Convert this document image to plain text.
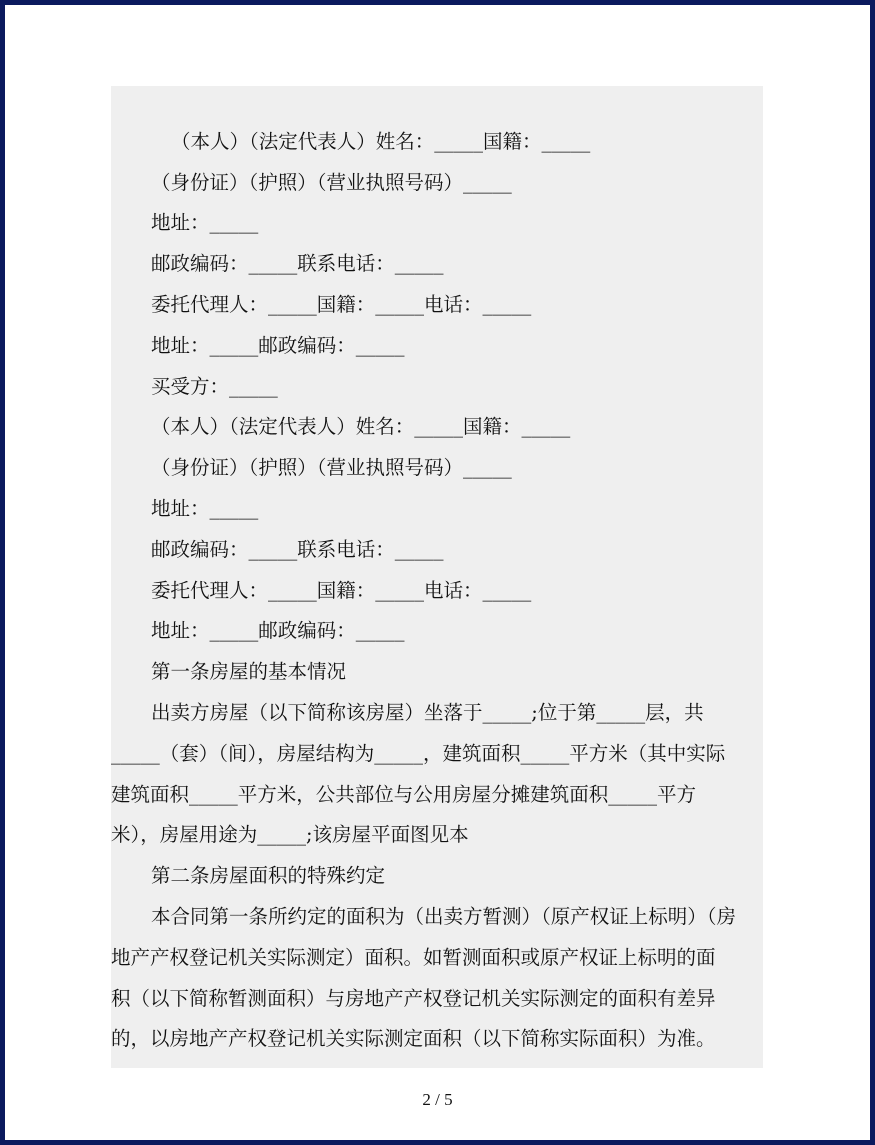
（本人）（法定代表人）姓名：_____国籍：_____
（身份证）（护照）（营业执照号码）_____
地址：_____
邮政编码：_____联系电话：_____
委托代理人：_____国籍：_____电话：_____
地址：_____邮政编码：_____
买受方：_____
（本人）（法定代表人）姓名：_____国籍：_____
（身份证）（护照）（营业执照号码）_____
地址：_____
邮政编码：_____联系电话：_____
委托代理人：_____国籍：_____电话：_____
地址：_____邮政编码：_____
第一条房屋的基本情况
出卖方房屋（以下简称该房屋）坐落于_____;位于第_____层，共
_____（套）（间），房屋结构为_____，建筑面积_____平方米（其中实际
建筑面积_____平方米，公共部位与公用房屋分摊建筑面积_____平方
米），房屋用途为_____;该房屋平面图见本
第二条房屋面积的特殊约定
本合同第一条所约定的面积为（出卖方暂测）（原产权证上标明）（房
地产产权登记机关实际测定）面积。如暂测面积或原产权证上标明的面
积（以下简称暂测面积）与房地产产权登记机关实际测定的面积有差异
的，以房地产产权登记机关实际测定面积（以下简称实际面积）为准。
2 / 5
